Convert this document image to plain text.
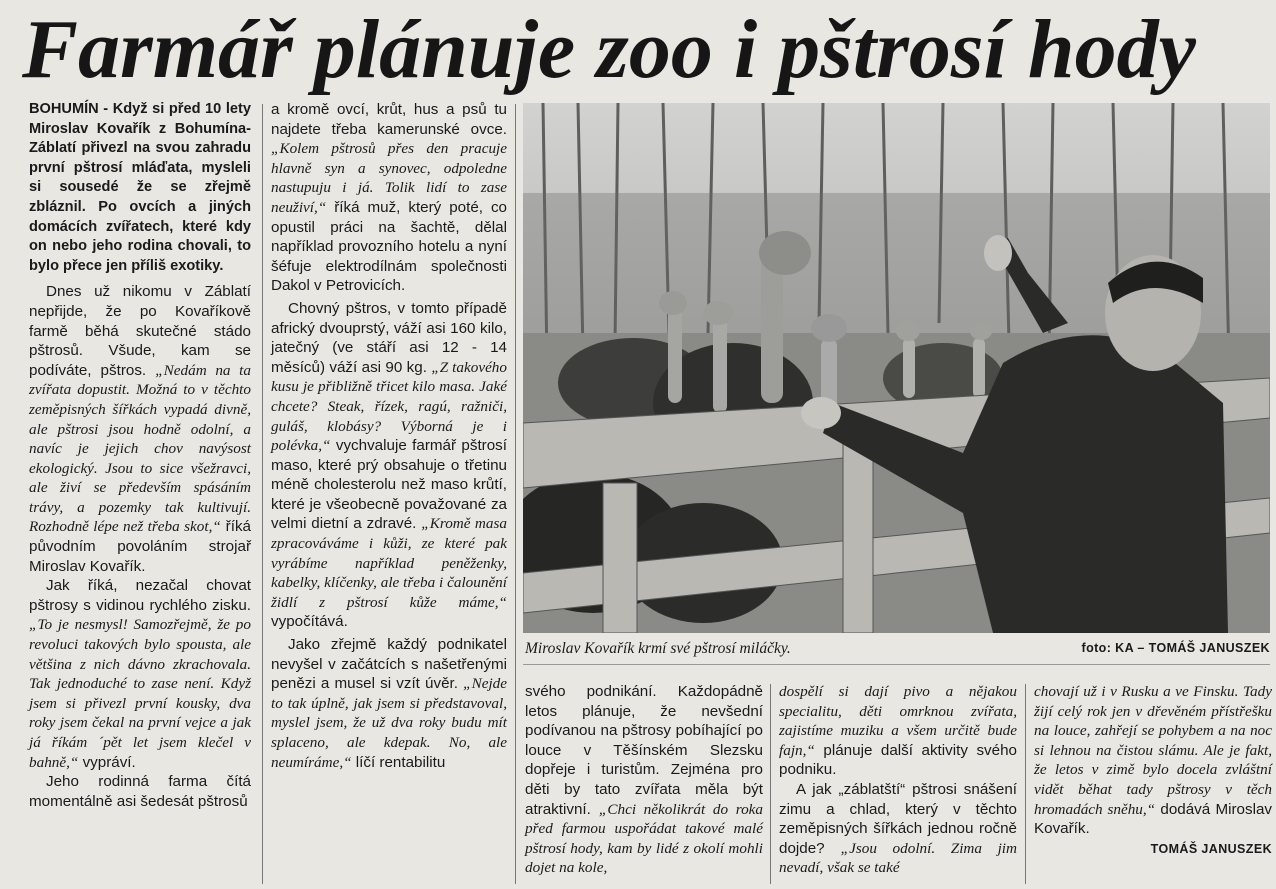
Farmář plánuje zoo i pštrosí hody

BOHUMÍN - Když si před 10 lety Miroslav Kovařík z Bohumína-Záblatí přivezl na svou zahradu první pštrosí mláďata, mysleli si sousedé že se zřejmě zbláznil. Po ovcích a jiných domácích zvířatech, které kdy on nebo jeho rodina chovali, to bylo přece jen příliš exotiky.

Dnes už nikomu v Záblatí nepřijde, že po Kovaříkově farmě běhá skutečné stádo pštrosů. Všude, kam se podíváte, pštros. „Nedám na ta zvířata dopustit. Možná to v těchto zeměpisných šířkách vypadá divně, ale pštrosi jsou hodně odolní, a navíc je jejich chov navýsost ekologický. Jsou to sice všežravci, ale živí se především spásáním trávy, a pozemky tak kultivují. Rozhodně lépe než třeba skot,“ říká původním povoláním strojař Miroslav Kovařík.

Jak říká, nezačal chovat pštrosy s vidinou rychlého zisku. „To je nesmysl! Samozřejmě, že po revoluci takových bylo spousta, ale většina z nich dávno zkrachovala. Tak jednoduché to zase není. Když jsem si přivezl první kousky, dva roky jsem čekal na první vejce a jak já říkám ´pět let jsem klečel v bahně,“ vypráví.

Jeho rodinná farma čítá momentálně asi šedesát pštrosů

a kromě ovcí, krůt, hus a psů tu najdete třeba kamerunské ovce. „Kolem pštrosů přes den pracuje hlavně syn a synovec, odpoledne nastupuju i já. Tolik lidí to zase neuživí,“ říká muž, který poté, co opustil práci na šachtě, dělal například provozního hotelu a nyní šéfuje elektrodílnám společnosti Dakol v Petrovicích.

Chovný pštros, v tomto případě africký dvouprstý, váží asi 160 kilo, jatečný (ve stáří asi 12 - 14 měsíců) váží asi 90 kg. „Z takového kusu je přibližně třicet kilo masa. Jaké chcete? Steak, řízek, ragú, ražniči, guláš, klobásy? Výborná je i polévka,“ vychvaluje farmář pštrosí maso, které prý obsahuje o třetinu méně cholesterolu než maso krůtí, které je všeobecně považované za velmi dietní a zdravé. „Kromě masa zpracováváme i kůži, ze které pak vyrábíme například peněženky, kabelky, klíčenky, ale třeba i čalounění židlí z pštrosí kůže máme,“ vypočítává.

Jako zřejmě každý podnikatel nevyšel v začátcích s našetřenými penězi a musel si vzít úvěr. „Nejde to tak úplně, jak jsem si představoval, myslel jsem, že už dva roky budu mít splaceno, ale kdepak. No, ale neumíráme,“ líčí rentabilitu

Miroslav Kovařík krmí své pštrosí miláčky.	foto: KA – TOMÁŠ JANUSZEK

svého podnikání. Každopádně letos plánuje, že nevšední podívanou na pštrosy pobíhající po louce v Těšínském Slezsku dopřeje i turistům. Zejména pro děti by tato zvířata měla být atraktivní. „Chci několikrát do roka před farmou uspořádat takové malé pštrosí hody, kam by lidé z okolí mohli dojet na kole,

dospělí si dají pivo a nějakou specialitu, děti omrknou zvířata, zajistíme muziku a všem určitě bude fajn,“ plánuje další aktivity svého podniku.

A jak „záblatští“ pštrosi snášení zimu a chlad, který v těchto zeměpisných šířkách jednou ročně dojde? „Jsou odolní. Zima jim nevadí, však se také

chovají už i v Rusku a ve Finsku. Tady žijí celý rok jen v dřevěném přístřešku na louce, zahřejí se pohybem a na noc si lehnou na čistou slámu. Ale je fakt, že letos v zimě bylo docela zvláštní vidět běhat tady pštrosy v těch hromadách sněhu,“ dodává Miroslav Kovařík.

TOMÁŠ JANUSZEK
